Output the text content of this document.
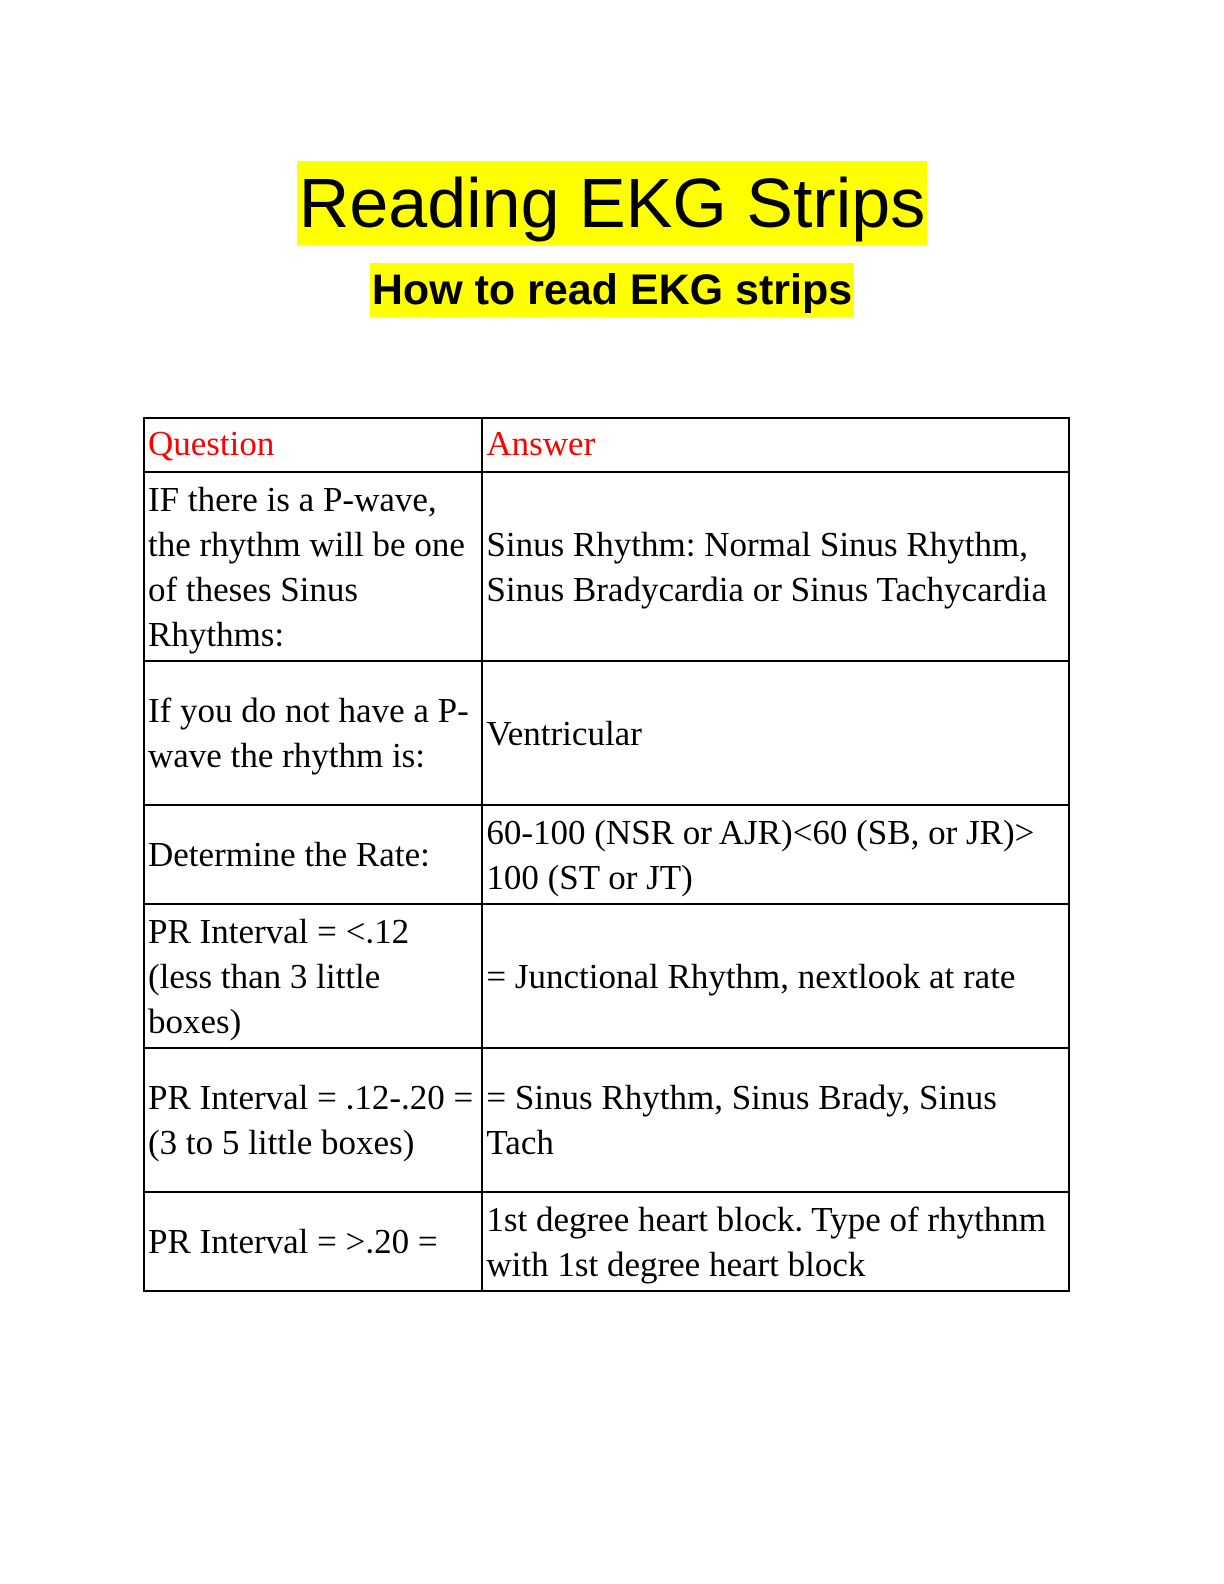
Reading EKG Strips
How to read EKG strips
Question	Answer
IF there is a P-wave, the rhythm will be one of theses Sinus Rhythms:	Sinus Rhythm: Normal Sinus Rhythm, Sinus Bradycardia or Sinus Tachycardia
If you do not have a P-wave the rhythm is:	Ventricular
Determine the Rate:	60-100 (NSR or AJR)<60 (SB, or JR)> 100 (ST or JT)
PR Interval = <.12 (less than 3 little boxes)	= Junctional Rhythm, nextlook at rate
PR Interval = .12-.20 = (3 to 5 little boxes)	= Sinus Rhythm, Sinus Brady, Sinus Tach
PR Interval = >.20 =	1st degree heart block. Type of rhythnm with 1st degree heart block
